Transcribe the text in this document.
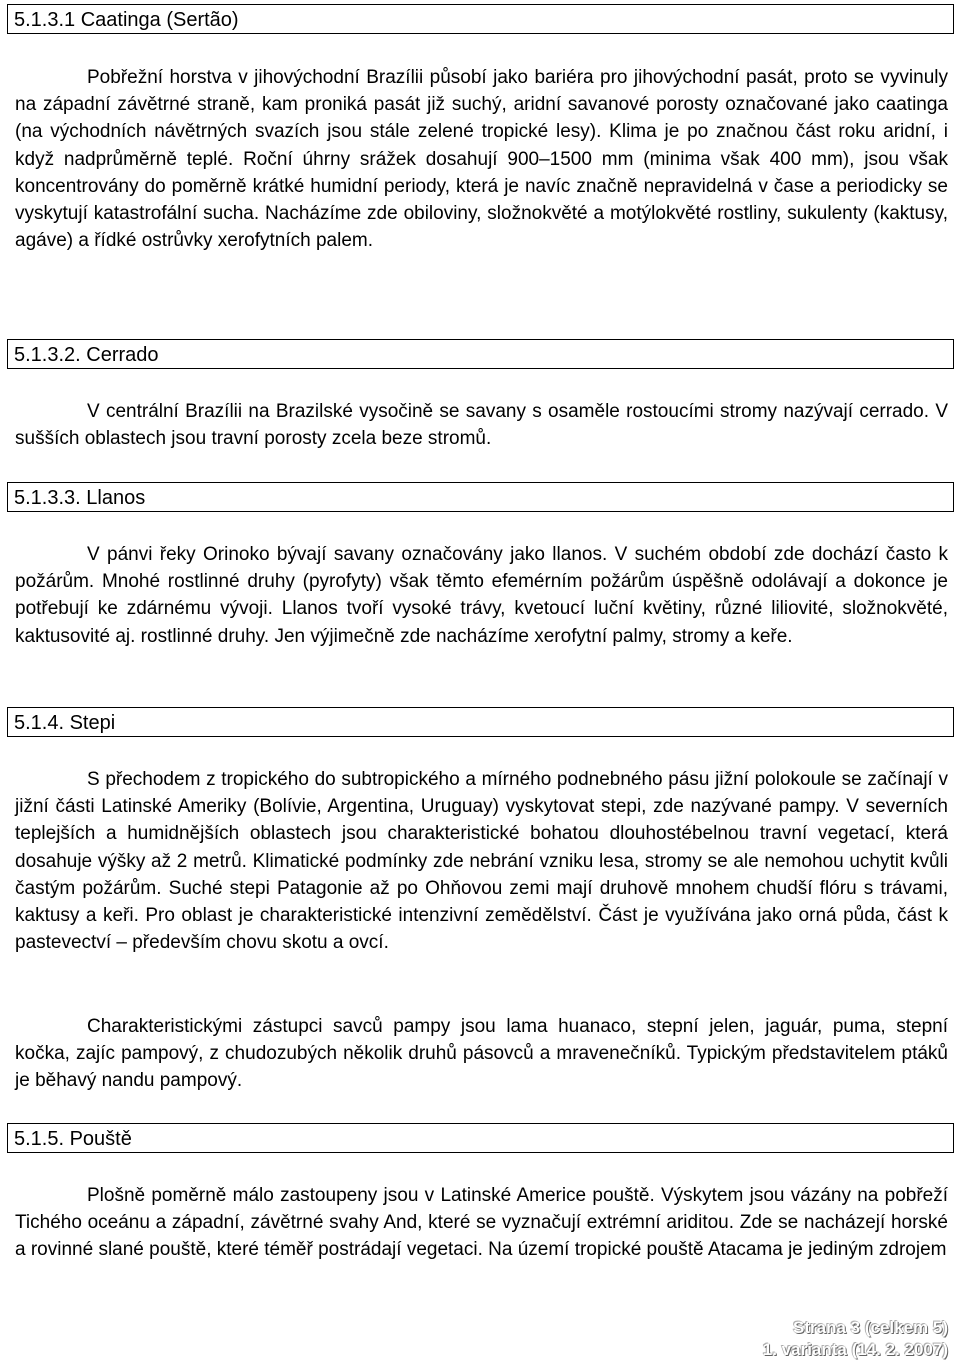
5.1.3.1 Caatinga (Sertão)

Pobřežní horstva v jihovýchodní Brazílii působí jako bariéra pro jihovýchodní pasát, proto se vyvinuly na západní závětrné straně, kam proniká pasát již suchý, aridní savanové porosty označované jako caatinga (na východních návětrných svazích jsou stále zelené tropické lesy). Klima je po značnou část roku aridní, i když nadprůměrně teplé. Roční úhrny srážek dosahují 900–1500 mm (minima však 400 mm), jsou však koncentrovány do poměrně krátké humidní periody, která je navíc značně nepravidelná v čase a periodicky se vyskytují katastrofální sucha. Nacházíme zde obiloviny, složnokvěté a motýlokvěté rostliny, sukulenty (kaktusy, agáve) a řídké ostrůvky xerofytních palem.

5.1.3.2. Cerrado

V centrální Brazílii na Brazilské vysočině se savany s osaměle rostoucími stromy nazývají cerrado. V sušších oblastech jsou travní porosty zcela beze stromů.

5.1.3.3. Llanos

V pánvi řeky Orinoko bývají savany označovány jako llanos. V suchém období zde dochází často k požárům. Mnohé rostlinné druhy (pyrofyty) však těmto efemérním požárům úspěšně odolávají a dokonce je potřebují ke zdárnému vývoji. Llanos tvoří vysoké trávy, kvetoucí luční květiny, různé liliovité, složnokvěté, kaktusovité aj. rostlinné druhy. Jen výjimečně zde nacházíme xerofytní palmy, stromy a keře.

5.1.4. Stepi

S přechodem z tropického do subtropického a mírného podnebného pásu jižní polokoule se začínají v jižní části Latinské Ameriky (Bolívie, Argentina, Uruguay) vyskytovat stepi, zde nazývané pampy. V severních teplejších a humidnějších oblastech jsou charakteristické bohatou dlouhostébelnou travní vegetací, která dosahuje výšky až 2 metrů. Klimatické podmínky zde nebrání vzniku lesa, stromy se ale nemohou uchytit kvůli častým požárům. Suché stepi Patagonie až po Ohňovou zemi mají druhově mnohem chudší flóru s trávami, kaktusy a keři. Pro oblast je charakteristické intenzivní zemědělství. Část je využívána jako orná půda, část k pastevectví – především chovu skotu a ovcí.

Charakteristickými zástupci savců pampy jsou lama huanaco, stepní jelen, jaguár, puma, stepní kočka, zajíc pampový, z chudozubých několik druhů pásovců a mravenečníků. Typickým představitelem ptáků je běhavý nandu pampový.

5.1.5. Pouště

Plošně poměrně málo zastoupeny jsou v Latinské Americe pouště. Výskytem jsou vázány na pobřeží Tichého oceánu a západní, závětrné svahy And, které se vyznačují extrémní ariditou. Zde se nacházejí horské a rovinné slané pouště, které téměř postrádají vegetaci. Na území tropické pouště Atacama je jediným zdrojem

Strana 3 (celkem 5)
1. varianta (14. 2. 2007)
